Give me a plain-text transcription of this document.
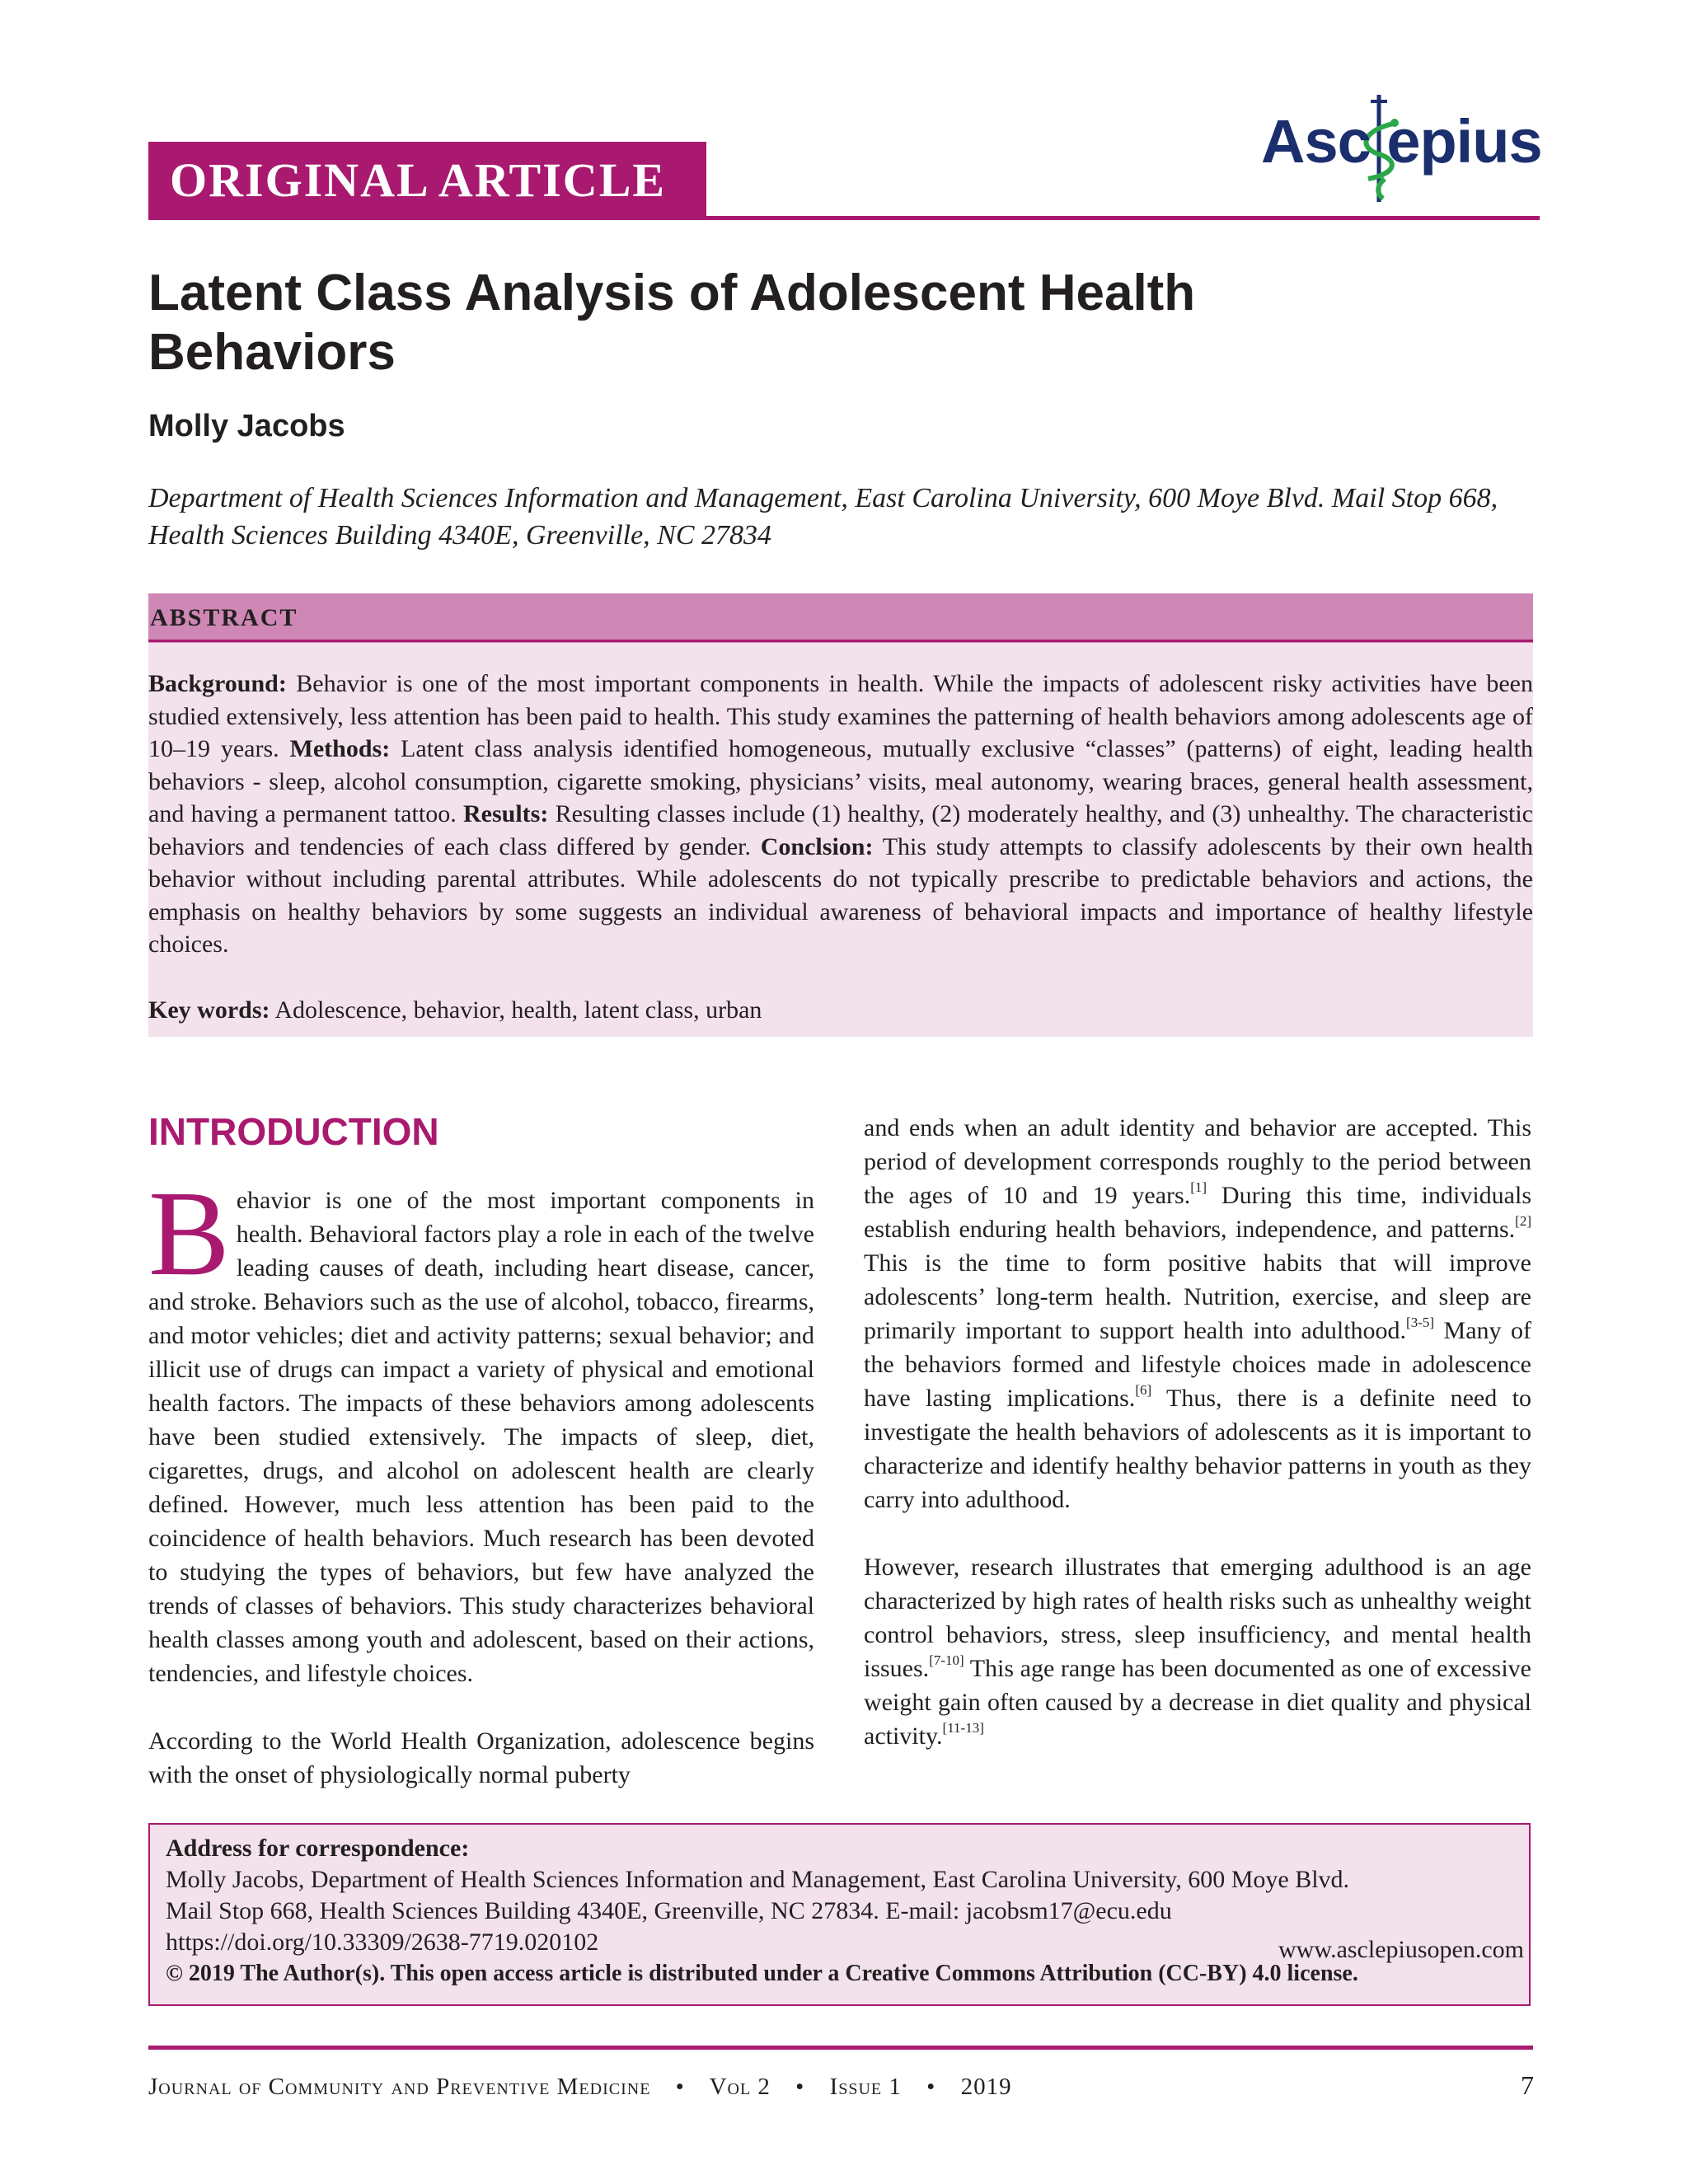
ORIGINAL ARTICLE
Asc epius
Latent Class Analysis of Adolescent Health
Behaviors
Molly Jacobs
Department of Health Sciences Information and Management, East Carolina University, 600 Moye Blvd. Mail Stop 668, Health Sciences Building 4340E, Greenville, NC 27834
ABSTRACT
Background: Behavior is one of the most important components in health. While the impacts of adolescent risky activities have been studied extensively, less attention has been paid to health. This study examines the patterning of health behaviors among adolescents age of 10–19 years. Methods: Latent class analysis identified homogeneous, mutually exclusive “classes” (patterns) of eight, leading health behaviors - sleep, alcohol consumption, cigarette smoking, physicians’ visits, meal autonomy, wearing braces, general health assessment, and having a permanent tattoo. Results: Resulting classes include (1) healthy, (2) moderately healthy, and (3) unhealthy. The characteristic behaviors and tendencies of each class differed by gender. Conclsion: This study attempts to classify adolescents by their own health behavior without including parental attributes. While adolescents do not typically prescribe to predictable behaviors and actions, the emphasis on healthy behaviors by some suggests an individual awareness of behavioral impacts and importance of healthy lifestyle choices.
Key words: Adolescence, behavior, health, latent class, urban
INTRODUCTION
Behavior is one of the most important components in health. Behavioral factors play a role in each of the twelve leading causes of death, including heart disease, cancer, and stroke. Behaviors such as the use of alcohol, tobacco, firearms, and motor vehicles; diet and activity patterns; sexual behavior; and illicit use of drugs can impact a variety of physical and emotional health factors. The impacts of these behaviors among adolescents have been studied extensively. The impacts of sleep, diet, cigarettes, drugs, and alcohol on adolescent health are clearly defined. However, much less attention has been paid to the coincidence of health behaviors. Much research has been devoted to studying the types of behaviors, but few have analyzed the trends of classes of behaviors. This study characterizes behavioral health classes among youth and adolescent, based on their actions, tendencies, and lifestyle choices.
According to the World Health Organization, adolescence begins with the onset of physiologically normal puberty
and ends when an adult identity and behavior are accepted. This period of development corresponds roughly to the period between the ages of 10 and 19 years.[1] During this time, individuals establish enduring health behaviors, independence, and patterns.[2] This is the time to form positive habits that will improve adolescents’ long-term health. Nutrition, exercise, and sleep are primarily important to support health into adulthood.[3-5] Many of the behaviors formed and lifestyle choices made in adolescence have lasting implications.[6] Thus, there is a definite need to investigate the health behaviors of adolescents as it is important to characterize and identify healthy behavior patterns in youth as they carry into adulthood.
However, research illustrates that emerging adulthood is an age characterized by high rates of health risks such as unhealthy weight control behaviors, stress, sleep insufficiency, and mental health issues.[7-10] This age range has been documented as one of excessive weight gain often caused by a decrease in diet quality and physical activity.[11-13]
Address for correspondence:
Molly Jacobs, Department of Health Sciences Information and Management, East Carolina University, 600 Moye Blvd.
Mail Stop 668, Health Sciences Building 4340E, Greenville, NC 27834. E-mail: jacobsm17@ecu.edu
https://doi.org/10.33309/2638-7719.020102	www.asclepiusopen.com
© 2019 The Author(s). This open access article is distributed under a Creative Commons Attribution (CC-BY) 4.0 license.
Journal of Community and Preventive Medicine • Vol 2 • Issue 1 • 2019	7
